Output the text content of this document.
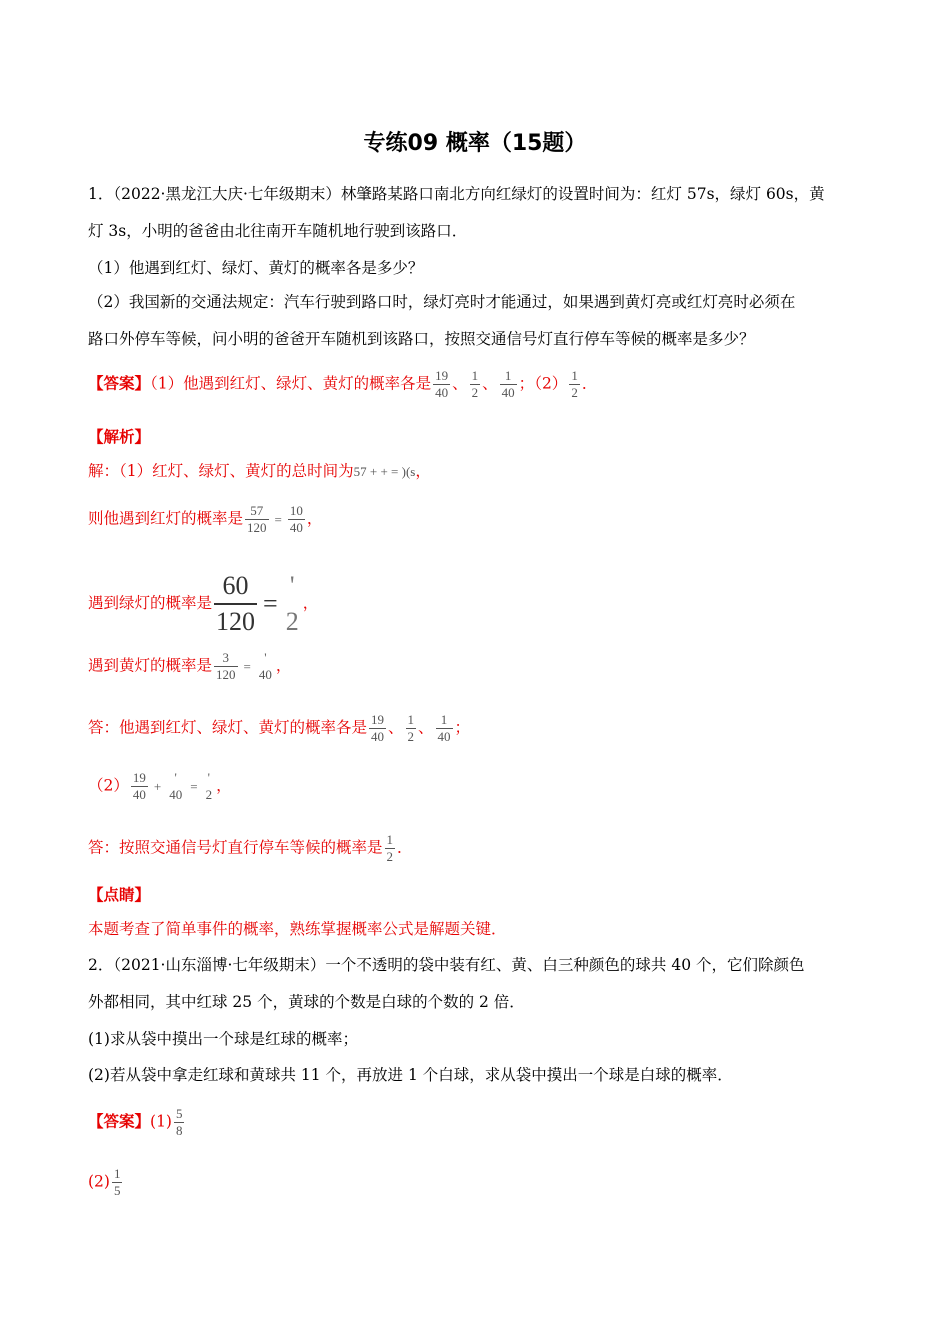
专练09 概率（15题）
1．（2022·黑龙江大庆·七年级期末）林肇路某路口南北方向红绿灯的设置时间为：红灯 57s，绿灯 60s，黄
灯 3s，小明的爸爸由北往南开车随机地行驶到该路口．
（1）他遇到红灯、绿灯、黄灯的概率各是多少？
（2）我国新的交通法规定：汽车行驶到路口时，绿灯亮时才能通过，如果遇到黄灯亮或红灯亮时必须在
路口外停车等候，问小明的爸爸开车随机到该路口，按照交通信号灯直行停车等候的概率是多少？
【答案】（1）他遇到红灯、绿灯、黄灯的概率各是 $\frac{19}{40}$ 、 $\frac{1}{2}$ 、 $\frac{1}{40}$ ；$(2) \frac{1}{2}$ ．
【解析】
解：（1）红灯、绿灯、黄灯的总时间为57 + + = )(s，
则他遇到红灯的概率是 $\frac{57}{120} = \frac{10}{40}$ ，
遇到绿灯的概率是 $\frac{60}{120}$ =
'
2
，
遇到黄灯的概率是 $\frac{3}{120}$ =
'
40 ，
答：他遇到红灯、绿灯、黄灯的概率各是 $\frac{19}{40}$ 、 $\frac{1}{2}$ 、 $\frac{1}{40}$ ；
$(2) \frac{19}{40}$ +
'
40
=
'
2 ，
答：按照交通信号灯直行停车等候的概率是 $\frac{1}{2}$ ．
【点睛】
本题考查了简单事件的概率，熟练掌握概率公式是解题关键．
2．（2021·山东淄博·七年级期末）一个不透明的袋中装有红、黄、白三种颜色的球共 40 个，它们除颜色
外都相同，其中红球 25 个，黄球的个数是白球的个数的 2 倍．
(1)求从袋中摸出一个球是红球的概率；
(2)若从袋中拿走红球和黄球共 11 个，再放进 1 个白球，求从袋中摸出一个球是白球的概率．
【答案】$(1) \frac{5}{8}$
$(2) \frac{1}{5}$
